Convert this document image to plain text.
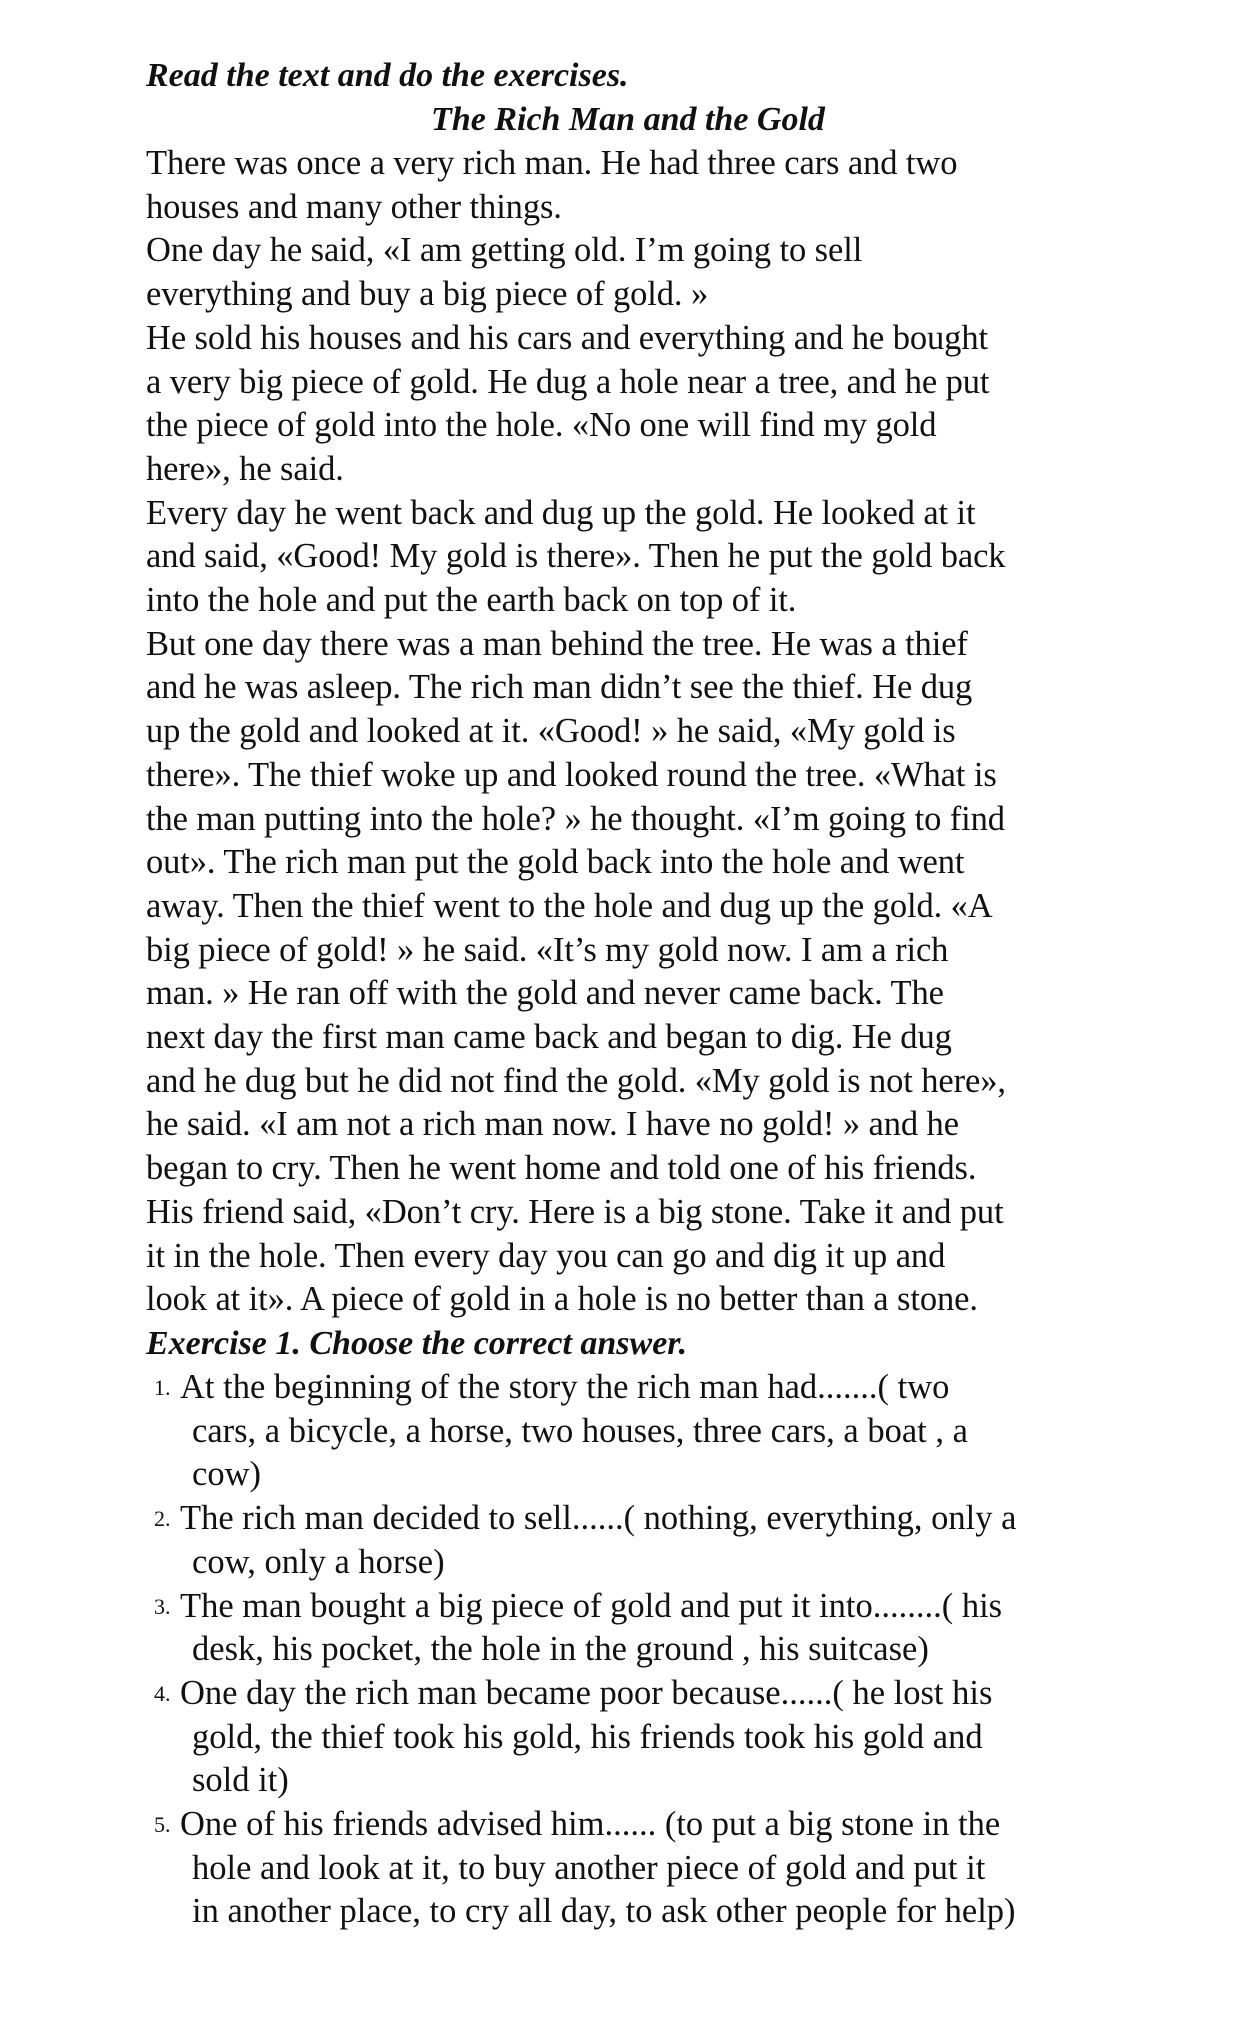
Read the text and do the exercises.

The Rich Man and the Gold

There was once a very rich man. He had three cars and two

houses and many other things.

One day he said, «I am getting old. I’m going to sell

everything and buy a big piece of gold. »

He sold his houses and his cars and everything and he bought

a very big piece of gold. He dug a hole near a tree, and he put

the piece of gold into the hole. «No one will find my gold

here», he said.

Every day he went back and dug up the gold. He looked at it

and said, «Good! My gold is there». Then he put the gold back

into the hole and put the earth back on top of it.

But one day there was a man behind the tree. He was a thief

and he was asleep. The rich man didn’t see the thief. He dug

up the gold and looked at it. «Good! » he said, «My gold is

there». The thief woke up and looked round the tree. «What is

the man putting into the hole? » he thought. «I’m going to find

out». The rich man put the gold back into the hole and went

away. Then the thief went to the hole and dug up the gold. «A

big piece of gold! » he said. «It’s my gold now. I am a rich

man. » He ran off with the gold and never came back. The

next day the first man came back and began to dig. He dug

and he dug but he did not find the gold. «My gold is not here»,

he said. «I am not a rich man now. I have no gold! » and he

began to cry. Then he went home and told one of his friends.

His friend said, «Don’t cry. Here is a big stone. Take it and put

it in the hole. Then every day you can go and dig it up and

look at it». A piece of gold in a hole is no better than a stone.

Exercise 1. Choose the correct answer.

1. At the beginning of the story the rich man had.......( two
cars, a bicycle, a horse, two houses, three cars, a boat , a
cow)
2. The rich man decided to sell......( nothing, everything, only a
cow, only a horse)
3. The man bought a big piece of gold and put it into........( his
desk, his pocket, the hole in the ground , his suitcase)
4. One day the rich man became poor because......( he lost his
gold, the thief took his gold, his friends took his gold and
sold it)
5. One of his friends advised him...... (to put a big stone in the
hole and look at it, to buy another piece of gold and put it
in another place, to cry all day, to ask other people for help)
